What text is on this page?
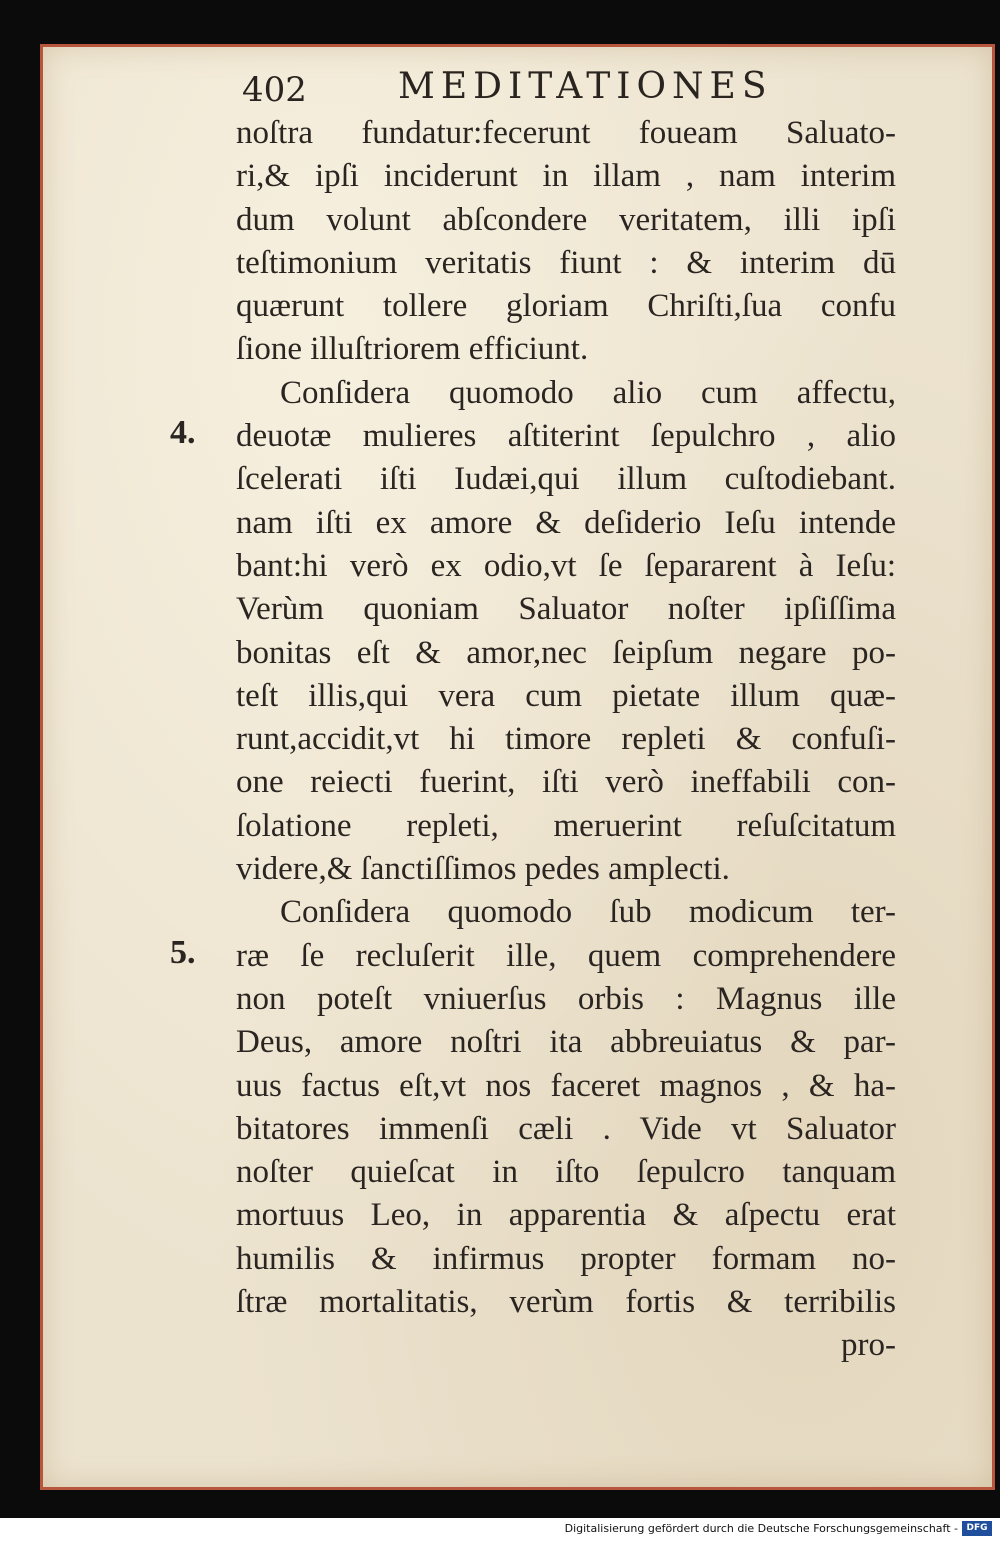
402	MEDITATIONES
4.
5.
noſtra fundatur:fecerunt foueam Saluato-
ri,& ipſi inciderunt in illam , nam interim
dum volunt abſcondere veritatem, illi ipſi
teſtimonium veritatis fiunt : & interim dū
quærunt tollere gloriam Chriſti,ſua confu
ſione illuſtriorem efficiunt.
Conſidera quomodo alio cum affectu,
deuotæ mulieres aſtiterint ſepulchro , alio
ſcelerati iſti Iudæi,qui illum cuſtodiebant.
nam iſti ex amore & deſiderio Ieſu intende
bant:hi verò ex odio,vt ſe ſepararent à Ieſu:
Verùm quoniam Saluator noſter ipſiſſima
bonitas eſt & amor,nec ſeipſum negare po-
teſt illis,qui vera cum pietate illum quæ-
runt,accidit,vt hi timore repleti & confuſi-
one reiecti fuerint, iſti verò ineffabili con-
ſolatione repleti, meruerint reſuſcitatum
videre,& ſanctiſſimos pedes amplecti.
Conſidera quomodo ſub modicum ter-
ræ ſe recluſerit ille, quem comprehendere
non poteſt vniuerſus orbis : Magnus ille
Deus, amore noſtri ita abbreuiatus & par-
uus factus eſt,vt nos faceret magnos , & ha-
bitatores immenſi cæli . Vide vt Saluator
noſter quieſcat in iſto ſepulcro tanquam
mortuus Leo, in apparentia & aſpectu erat
humilis & infirmus propter formam no-
ſtræ mortalitatis, verùm fortis & terribilis
pro-
Digitalisierung gefördert durch die Deutsche Forschungsgemeinschaft - DFG
